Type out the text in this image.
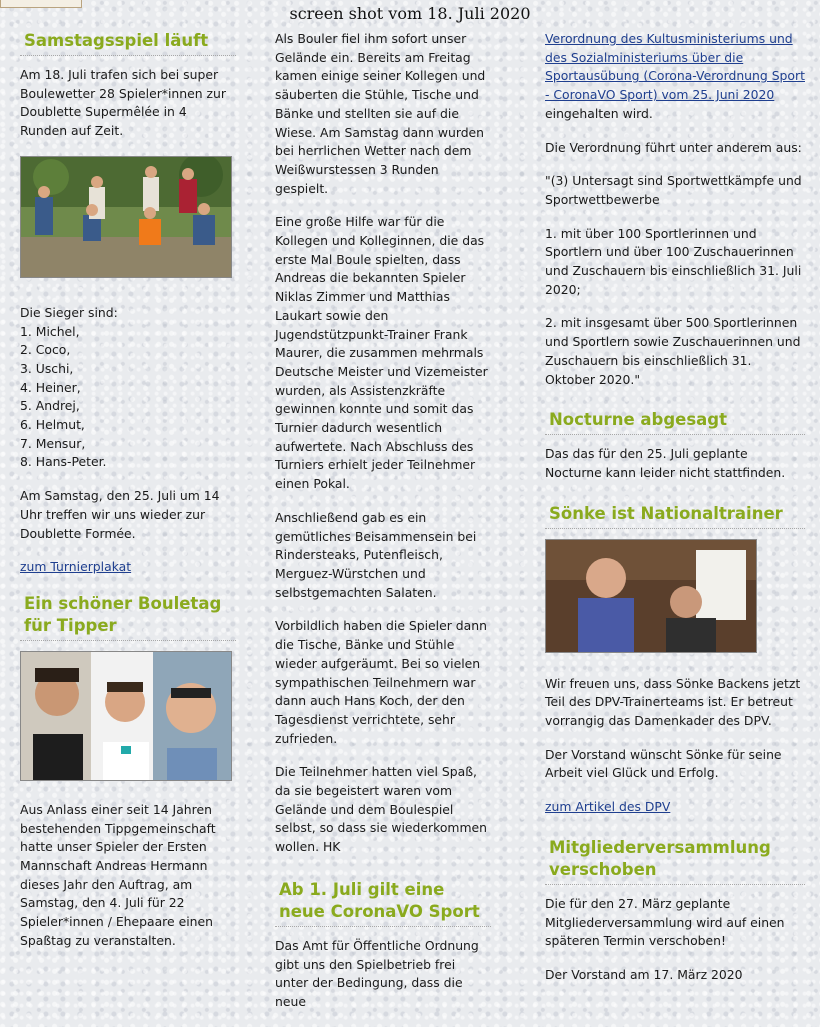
screen shot vom 18. Juli 2020
Samstagsspiel läuft

Am 18. Juli trafen sich bei super Boulewetter 28 Spieler*innen zur Doublette Supermêlée in 4 Runden auf Zeit.

Die Sieger sind:

1. Michel,
2. Coco,
3. Uschi,
4. Heiner,
5. Andrej,
6. Helmut,
7. Mensur,
8. Hans-Peter.

Am Samstag, den 25. Juli um 14 Uhr treffen wir uns wieder zur Doublette Formée.

zum Turnierplakat

Ein schöner Bouletag für Tipper

Aus Anlass einer seit 14 Jahren bestehenden Tippgemeinschaft hatte unser Spieler der Ersten Mannschaft Andreas Hermann dieses Jahr den Auftrag, am Samstag, den 4. Juli für 22 Spieler*innen / Ehepaare einen Spaßtag zu veranstalten.

Als Bouler fiel ihm sofort unser Gelände ein. Bereits am Freitag kamen einige seiner Kollegen und säuberten die Stühle, Tische und Bänke und stellten sie auf die Wiese. Am Samstag dann wurden bei herrlichen Wetter nach dem Weißwurstessen 3 Runden gespielt.

Eine große Hilfe war für die Kollegen und Kolleginnen, die das erste Mal Boule spielten, dass Andreas die bekannten Spieler Niklas Zimmer und Matthias Laukart sowie den Jugendstützpunkt-Trainer Frank Maurer, die zusammen mehrmals Deutsche Meister und Vizemeister wurden, als Assistenzkräfte gewinnen konnte und somit das Turnier dadurch wesentlich aufwertete. Nach Abschluss des Turniers erhielt jeder Teilnehmer einen Pokal.

Anschließend gab es ein gemütliches Beisammensein bei Rindersteaks, Putenfleisch, Merguez-Würstchen und selbstgemachten Salaten.

Vorbildlich haben die Spieler dann die Tische, Bänke und Stühle wieder aufgeräumt. Bei so vielen sympathischen Teilnehmern war dann auch Hans Koch, der den Tagesdienst verrichtete, sehr zufrieden.

Die Teilnehmer hatten viel Spaß, da sie begeistert waren vom Gelände und dem Boulespiel selbst, so dass sie wiederkommen wollen. HK

Ab 1. Juli gilt eine neue CoronaVO Sport

Das Amt für Öffentliche Ordnung gibt uns den Spielbetrieb frei unter der Bedingung, dass die neue

Verordnung des Kultusministeriums und des Sozialministeriums über die Sportausübung (Corona-Verordnung Sport - CoronaVO Sport) vom 25. Juni 2020 eingehalten wird.

Die Verordnung führt unter anderem aus:

"(3) Untersagt sind Sportwettkämpfe und Sportwettbewerbe

1. mit über 100 Sportlerinnen und Sportlern und über 100 Zuschauerinnen und Zuschauern bis einschließlich 31. Juli 2020;

2. mit insgesamt über 500 Sportlerinnen und Sportlern sowie Zuschauerinnen und Zuschauern bis einschließlich 31. Oktober 2020."

Nocturne abgesagt

Das das für den 25. Juli geplante Nocturne kann leider nicht stattfinden.

Sönke ist Nationaltrainer

Wir freuen uns, dass Sönke Backens jetzt Teil des DPV-Trainerteams ist. Er betreut vorrangig das Damenkader des DPV.

Der Vorstand wünscht Sönke für seine Arbeit viel Glück und Erfolg.

zum Artikel des DPV

Mitgliederversammlung verschoben

Die für den 27. März geplante Mitgliederversammlung wird auf einen späteren Termin verschoben!

Der Vorstand am 17. März 2020
